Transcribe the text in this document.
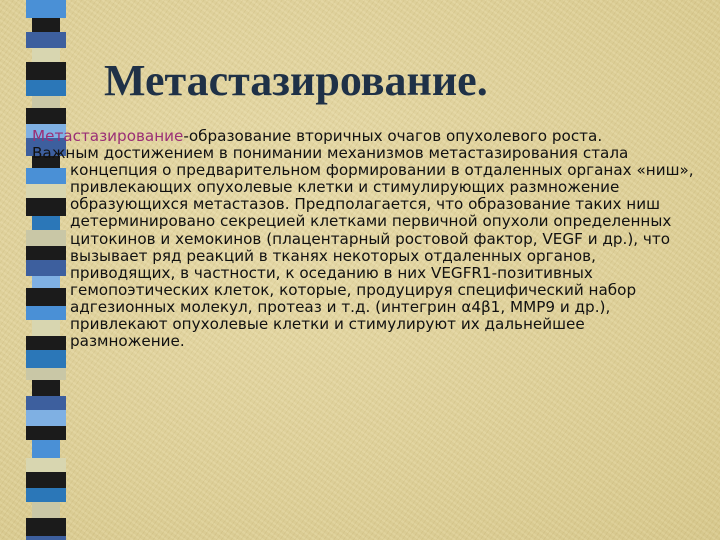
Метастазирование.

Метастазирование-образование вторичных очагов опухолевого роста.

Важным достижением в понимании механизмов метастазирования стала концепция о предварительном формировании в отдаленных органах «ниш», привлекающих опухолевые клетки и стимулирующих размножение образующихся метастазов. Предполагается, что образование таких ниш детерминировано секрецией клетками первичной опухоли определенных цитокинов и хемокинов (плацентарный ростовой фактор, VEGF и др.), что вызывает ряд реакций в тканях некоторых отдаленных органов, приводящих, в частности, к оседанию в них VEGFR1-позитивных гемопоэтических клеток, которые, продуцируя специфический набор адгезионных молекул, протеаз и т.д. (интегрин α4β1, ММР9 и др.), привлекают опухолевые клетки и стимулируют их дальнейшее размножение.
